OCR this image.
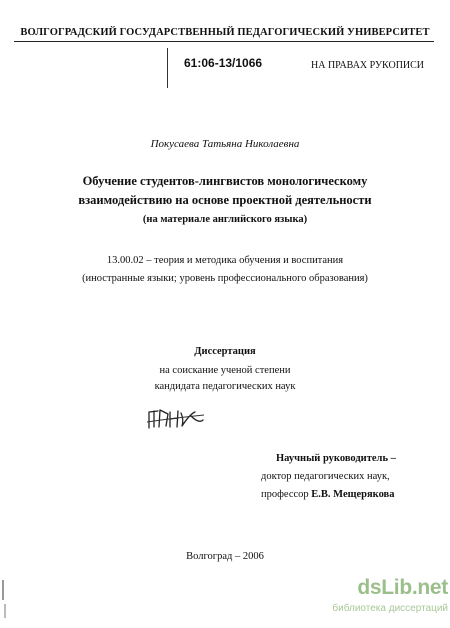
ВОЛГОГРАДСКИЙ ГОСУДАРСТВЕННЫЙ ПЕДАГОГИЧЕСКИЙ УНИВЕРСИТЕТ
61:06-13/1066	НА ПРАВАХ РУКОПИСИ
Покусаева Татьяна Николаевна
Обучение студентов-лингвистов монологическому
взаимодействию на основе проектной деятельности
(на материале английского языка)
13.00.02 – теория и методика обучения и воспитания
(иностранные языки; уровень профессионального образования)
Диссертация
на соискание ученой степени
кандидата педагогических наук
Научный руководитель –
доктор педагогических наук,
профессор Е.В. Мещерякова
Волгоград – 2006
dsLib.net
библиотека диссертаций
